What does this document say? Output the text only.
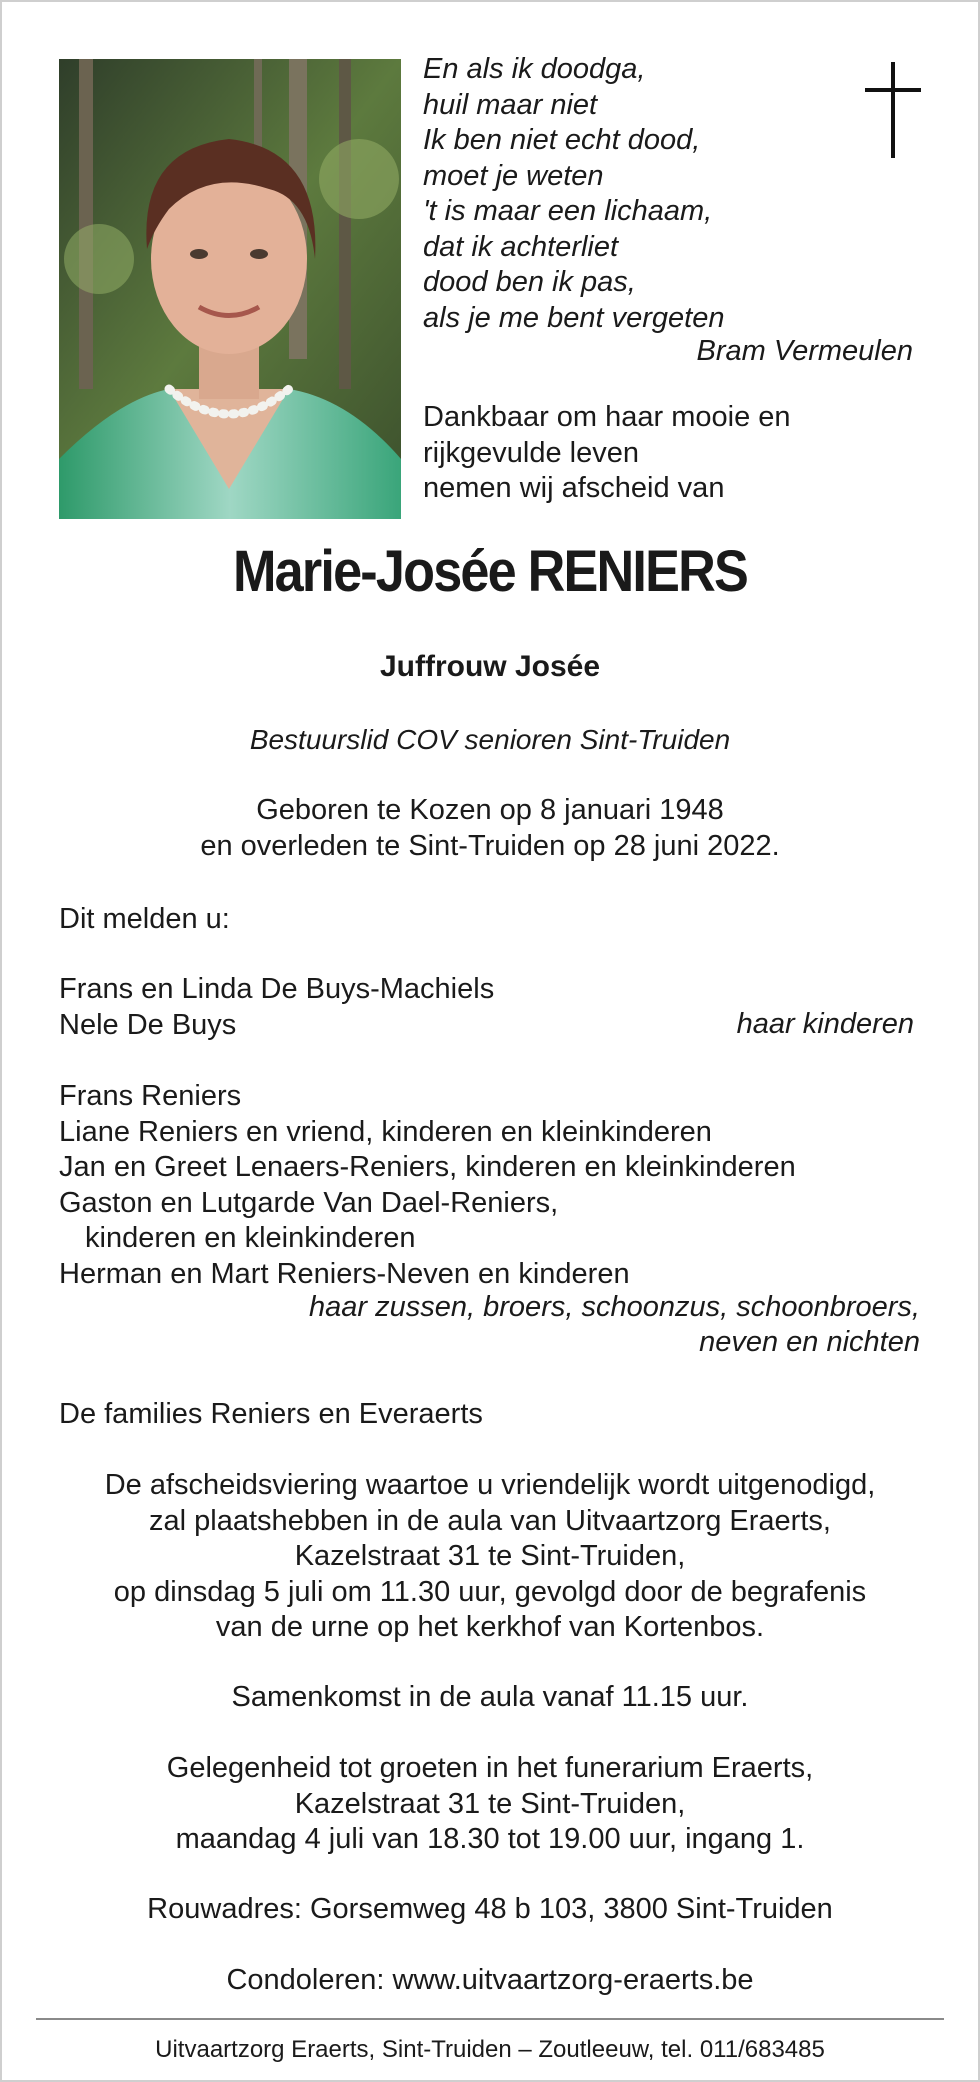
En als ik doodga,
huil maar niet
Ik ben niet echt dood,
moet je weten
't is maar een lichaam,
dat ik achterliet
dood ben ik pas,
als je me bent vergeten
Bram Vermeulen
Dankbaar om haar mooie en
rijkgevulde leven
nemen wij afscheid van
Marie-Josée RENIERS
Juffrouw Josée
Bestuurslid COV senioren Sint-Truiden
Geboren te Kozen op 8 januari 1948
en overleden te Sint-Truiden op 28 juni 2022.
Dit melden u:
Frans en Linda De Buys-Machiels
Nele De Buys	haar kinderen
Frans Reniers
Liane Reniers en vriend, kinderen en kleinkinderen
Jan en Greet Lenaers-Reniers, kinderen en kleinkinderen
Gaston en Lutgarde Van Dael-Reniers,
kinderen en kleinkinderen
Herman en Mart Reniers-Neven en kinderen
haar zussen, broers, schoonzus, schoonbroers,
neven en nichten
De families Reniers en Everaerts
De afscheidsviering waartoe u vriendelijk wordt uitgenodigd,
zal plaatshebben in de aula van Uitvaartzorg Eraerts,
Kazelstraat 31 te Sint-Truiden,
op dinsdag 5 juli om 11.30 uur, gevolgd door de begrafenis
van de urne op het kerkhof van Kortenbos.
Samenkomst in de aula vanaf 11.15 uur.
Gelegenheid tot groeten in het funerarium Eraerts,
Kazelstraat 31 te Sint-Truiden,
maandag 4 juli van 18.30 tot 19.00 uur, ingang 1.
Rouwadres: Gorsemweg 48 b 103, 3800 Sint-Truiden
Condoleren: www.uitvaartzorg-eraerts.be
Uitvaartzorg Eraerts, Sint-Truiden – Zoutleeuw, tel. 011/683485
